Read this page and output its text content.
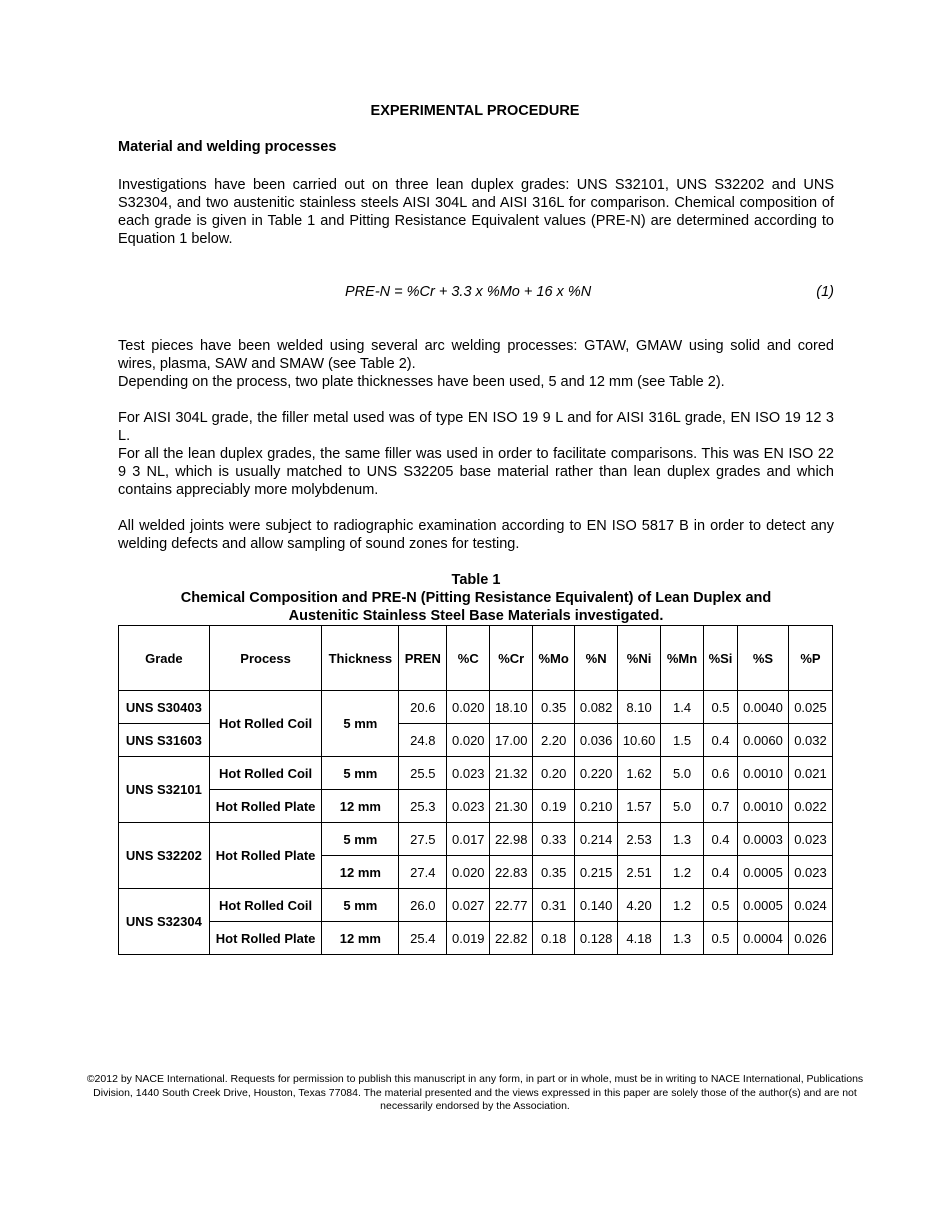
EXPERIMENTAL PROCEDURE
Material and welding processes

Investigations have been carried out on three lean duplex grades: UNS S32101, UNS S32202 and UNS S32304, and two austenitic stainless steels AISI 304L and AISI 316L for comparison. Chemical composition of each grade is given in Table 1 and Pitting Resistance Equivalent values (PRE-N) are determined according to Equation 1 below.

PRE-N = %Cr + 3.3 x %Mo + 16 x %N	(1)
Test pieces have been welded using several arc welding processes: GTAW, GMAW using solid and cored wires, plasma, SAW and SMAW (see Table 2).
Depending on the process, two plate thicknesses have been used, 5 and 12 mm (see Table 2).
For AISI 304L grade, the filler metal used was of type EN ISO 19 9 L and for AISI 316L grade, EN ISO 19 12 3 L.
For all the lean duplex grades, the same filler was used in order to facilitate comparisons. This was EN ISO 22 9 3 NL, which is usually matched to UNS S32205 base material rather than lean duplex grades and which contains appreciably more molybdenum.

All welded joints were subject to radiographic examination according to EN ISO 5817 B in order to detect any welding defects and allow sampling of sound zones for testing.

Table 1
Chemical Composition and PRE-N (Pitting Resistance Equivalent) of Lean Duplex and
Austenitic Stainless Steel Base Materials investigated.
Grade	Process	Thickness	PREN	%C	%Cr	%Mo	%N	%Ni	%Mn	%Si	%S	%P
UNS S30403	Hot Rolled Coil	5 mm	20.6	0.020	18.10	0.35	0.082	8.10	1.4	0.5	0.0040	0.025
UNS S31603			24.8	0.020	17.00	2.20	0.036	10.60	1.5	0.4	0.0060	0.032
UNS S32101	Hot Rolled Coil	5 mm	25.5	0.023	21.32	0.20	0.220	1.62	5.0	0.6	0.0010	0.021
	Hot Rolled Plate	12 mm	25.3	0.023	21.30	0.19	0.210	1.57	5.0	0.7	0.0010	0.022
UNS S32202	Hot Rolled Plate	5 mm	27.5	0.017	22.98	0.33	0.214	2.53	1.3	0.4	0.0003	0.023
		12 mm	27.4	0.020	22.83	0.35	0.215	2.51	1.2	0.4	0.0005	0.023
UNS S32304	Hot Rolled Coil	5 mm	26.0	0.027	22.77	0.31	0.140	4.20	1.2	0.5	0.0005	0.024
	Hot Rolled Plate	12 mm	25.4	0.019	22.82	0.18	0.128	4.18	1.3	0.5	0.0004	0.026
©2012 by NACE International. Requests for permission to publish this manuscript in any form, in part or in whole, must be in writing to NACE International, Publications Division, 1440 South Creek Drive, Houston, Texas 77084. The material presented and the views expressed in this paper are solely those of the author(s) and are not necessarily endorsed by the Association.
